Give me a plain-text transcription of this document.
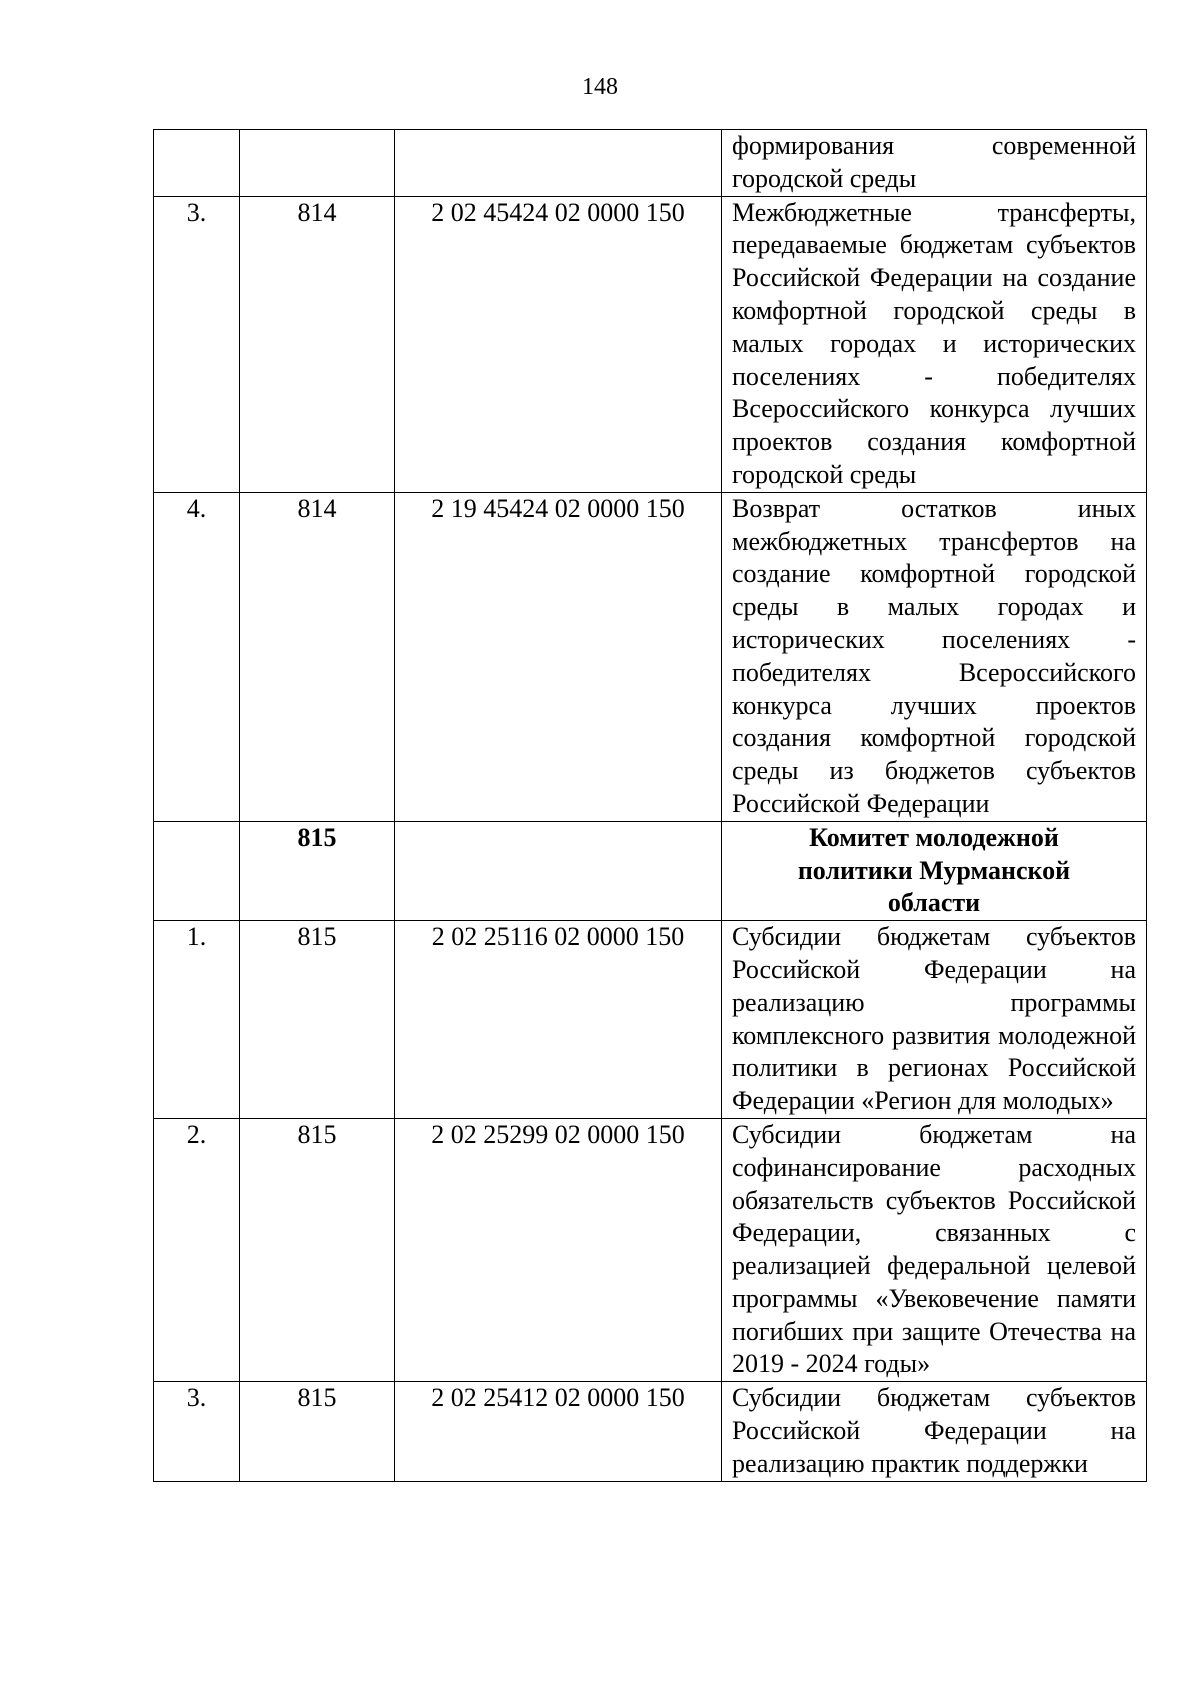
148
			формирования современной городской среды
3.	814	2 02 45424 02 0000 150	Межбюджетные трансферты, передаваемые бюджетам субъектов Российской Федерации на создание комфортной городской среды в малых городах и исторических поселениях - победителях Всероссийского конкурса лучших проектов создания комфортной городской среды
4.	814	2 19 45424 02 0000 150	Возврат остатков иных межбюджетных трансфертов на создание комфортной городской среды в малых городах и исторических поселениях - победителях Всероссийского конкурса лучших проектов создания комфортной городской среды из бюджетов субъектов Российской Федерации
	815		Комитет молодежной политики Мурманской области
1.	815	2 02 25116 02 0000 150	Субсидии бюджетам субъектов Российской Федерации на реализацию программы комплексного развития молодежной политики в регионах Российской Федерации «Регион для молодых»
2.	815	2 02 25299 02 0000 150	Субсидии бюджетам на софинансирование расходных обязательств субъектов Российской Федерации, связанных с реализацией федеральной целевой программы «Увековечение памяти погибших при защите Отечества на 2019 - 2024 годы»
3.	815	2 02 25412 02 0000 150	Субсидии бюджетам субъектов Российской Федерации на реализацию практик поддержки
